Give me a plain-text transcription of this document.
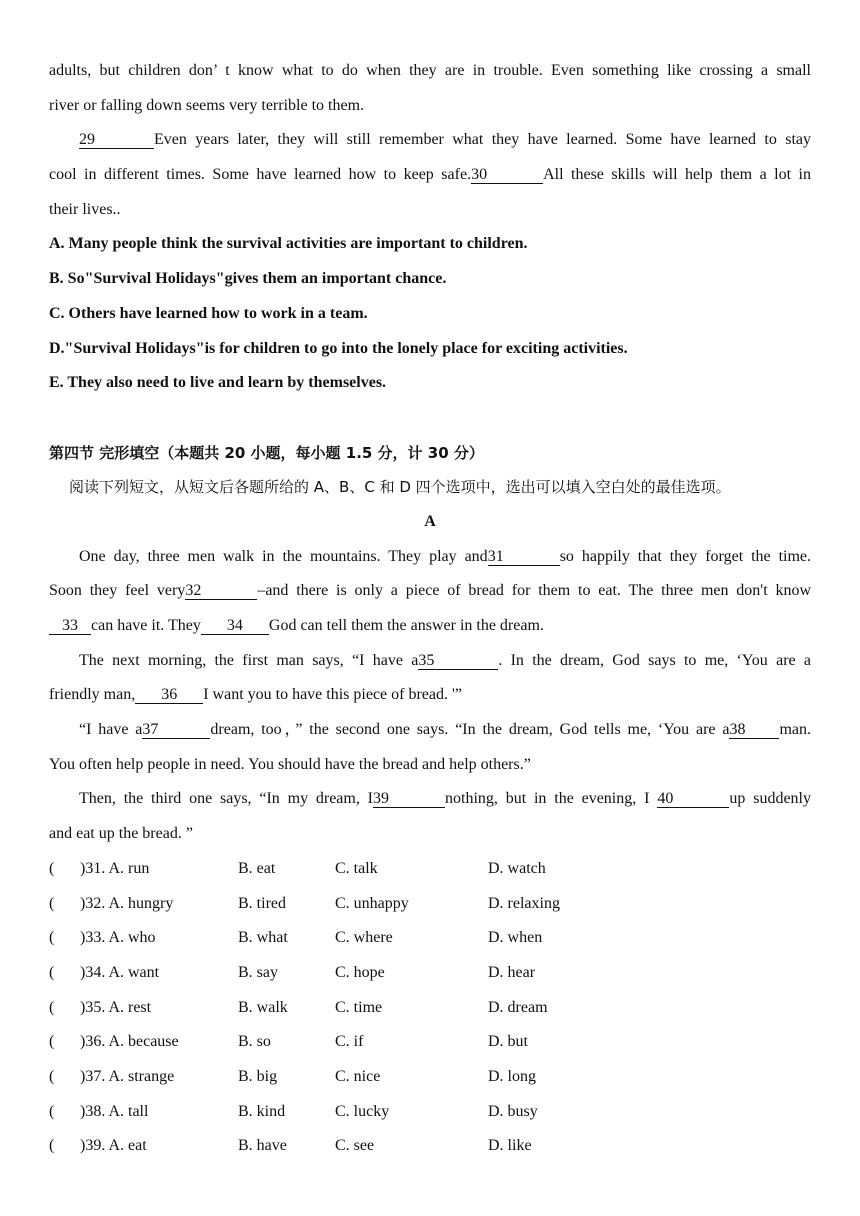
adults, but children don’ t know what to do when they are in trouble. Even something like crossing a small
river or falling down seems very terrible to them.
29	Even years later, they will still remember what they have learned. Some have learned to stay
cool in different times. Some have learned how to keep safe.30	All these skills will help them a lot in
their lives..
A. Many people think the survival activities are important to children.
B. So"Survival Holidays"gives them an important chance.
C. Others have learned how to work in a team.
D."Survival Holidays"is for children to go into the lonely place for exciting activities.
E. They also need to live and learn by themselves.
第四节 完形填空（本题共 20 小题，每小题 1.5 分，计 30 分）
阅读下列短文，从短文后各题所给的 A、B、C 和 D 四个选项中，选出可以填入空白处的最佳选项。
A
One day, three men walk in the mountains. They play and31	so happily that they forget the time.
Soon they feel very32	–and there is only a piece of bread for them to eat. The three men don't know
33 can have it. They 34 God can tell them the answer in the dream.
The next morning, the first man says, “I have a35	. In the dream, God says to me, ‘You are a
friendly man, 36 I want you to have this piece of bread. '”
“I have a37	dream, too，” the second one says. “In the dream, God tells me, ‘You are a38 man.
You often help people in need. You should have the bread and help others.”
Then, the third one says, “In my dream, I39	nothing, but in the evening, I 40	up suddenly
and eat up the bread. ”
( )31. A. run	B. eat	C. talk	D. watch
( )32. A. hungry	B. tired	C. unhappy	D. relaxing
( )33. A. who	B. what	C. where	D. when
( )34. A. want	B. say	C. hope	D. hear
( )35. A. rest	B. walk	C. time	D. dream
( )36. A. because	B. so	C. if	D. but
( )37. A. strange	B. big	C. nice	D. long
( )38. A. tall	B. kind	C. lucky	D. busy
( )39. A. eat	B. have	C. see	D. like
